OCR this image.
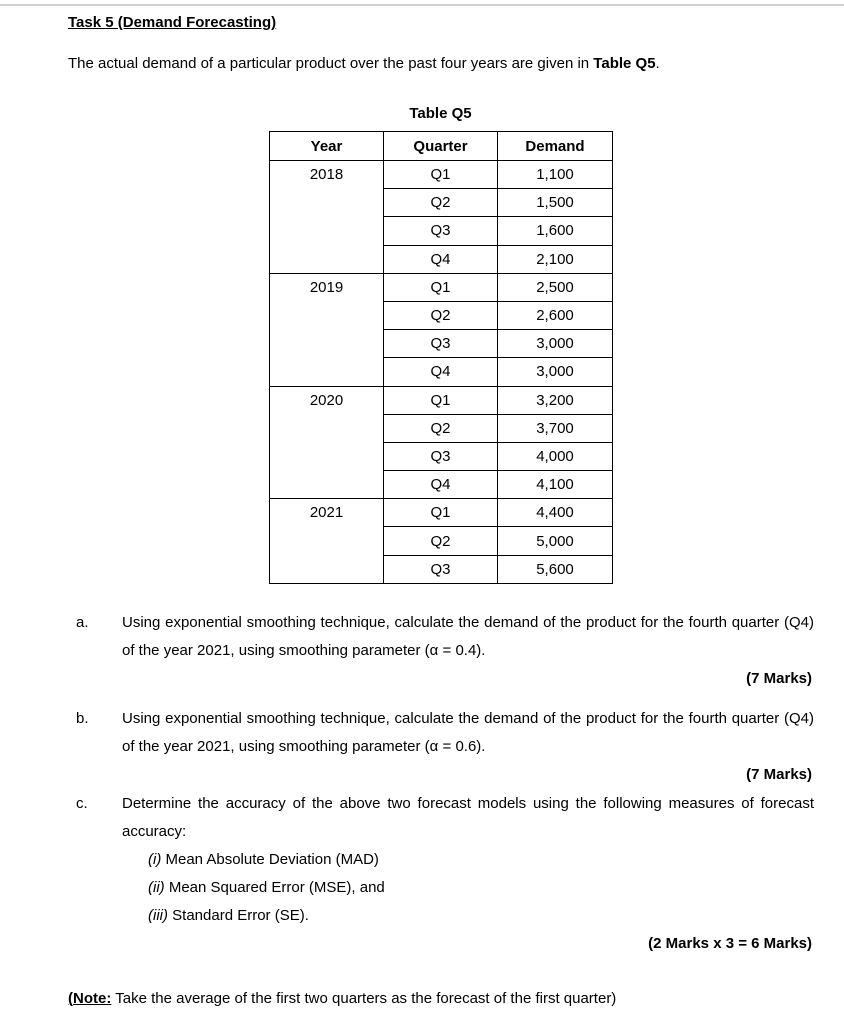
Task 5 (Demand Forecasting)
The actual demand of a particular product over the past four years are given in Table Q5.
Table Q5
Year	Quarter	Demand
2018	Q1	1,100
	Q2	1,500
	Q3	1,600
	Q4	2,100
2019	Q1	2,500
	Q2	2,600
	Q3	3,000
	Q4	3,000
2020	Q1	3,200
	Q2	3,700
	Q3	4,000
	Q4	4,100
2021	Q1	4,400
	Q2	5,000
	Q3	5,600
a. Using exponential smoothing technique, calculate the demand of the product for the fourth quarter (Q4) of the year 2021, using smoothing parameter (α = 0.4).
(7 Marks)
b. Using exponential smoothing technique, calculate the demand of the product for the fourth quarter (Q4) of the year 2021, using smoothing parameter (α = 0.6).
(7 Marks)
c. Determine the accuracy of the above two forecast models using the following measures of forecast accuracy:
(i) Mean Absolute Deviation (MAD)
(ii) Mean Squared Error (MSE), and
(iii) Standard Error (SE).
(2 Marks x 3 = 6 Marks)
(Note: Take the average of the first two quarters as the forecast of the first quarter)
